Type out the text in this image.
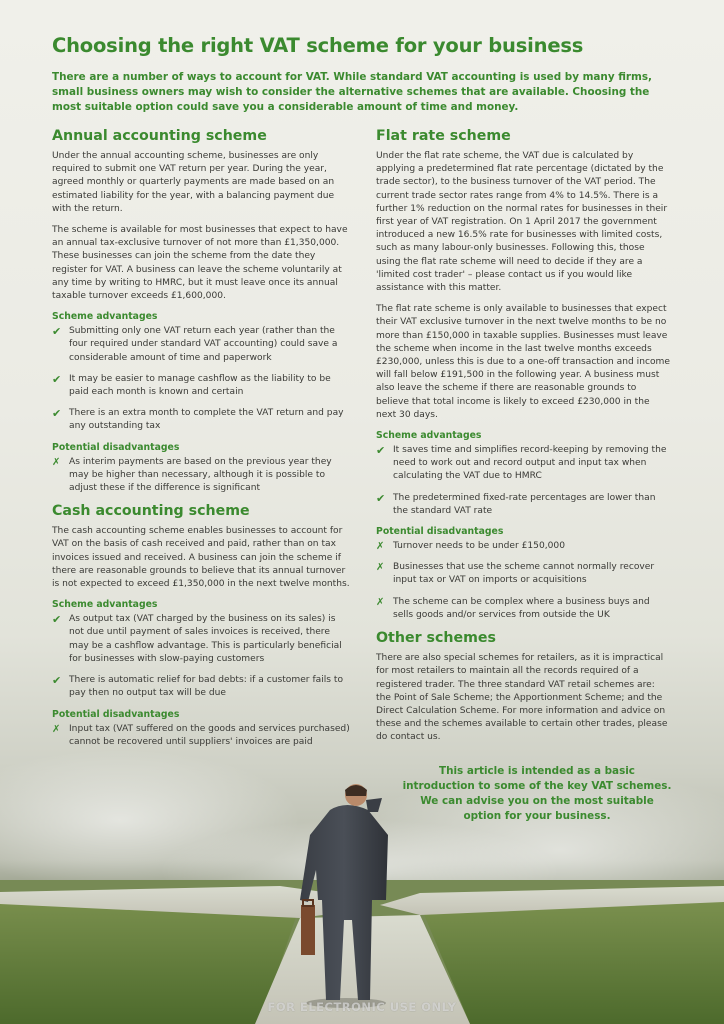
Choosing the right VAT scheme for your business

There are a number of ways to account for VAT. While standard VAT accounting is used by many firms, small business owners may wish to consider the alternative schemes that are available. Choosing the most suitable option could save you a considerable amount of time and money.

Annual accounting scheme

Under the annual accounting scheme, businesses are only required to submit one VAT return per year. During the year, agreed monthly or quarterly payments are made based on an estimated liability for the year, with a balancing payment due with the return.

The scheme is available for most businesses that expect to have an annual tax-exclusive turnover of not more than £1,350,000. These businesses can join the scheme from the date they register for VAT. A business can leave the scheme voluntarily at any time by writing to HMRC, but it must leave once its annual taxable turnover exceeds £1,600,000.

Scheme advantages
✔ Submitting only one VAT return each year (rather than the four required under standard VAT accounting) could save a considerable amount of time and paperwork
✔ It may be easier to manage cashflow as the liability to be paid each month is known and certain
✔ There is an extra month to complete the VAT return and pay any outstanding tax
Potential disadvantages
✗ As interim payments are based on the previous year they may be higher than necessary, although it is possible to adjust these if the difference is significant
Cash accounting scheme

The cash accounting scheme enables businesses to account for VAT on the basis of cash received and paid, rather than on tax invoices issued and received. A business can join the scheme if there are reasonable grounds to believe that its annual turnover is not expected to exceed £1,350,000 in the next twelve months.

Scheme advantages
✔ As output tax (VAT charged by the business on its sales) is not due until payment of sales invoices is received, there may be a cashflow advantage. This is particularly beneficial for businesses with slow-paying customers
✔ There is automatic relief for bad debts: if a customer fails to pay then no output tax will be due
Potential disadvantages
✗ Input tax (VAT suffered on the goods and services purchased) cannot be recovered until suppliers' invoices are paid
Flat rate scheme

Under the flat rate scheme, the VAT due is calculated by applying a predetermined flat rate percentage (dictated by the trade sector), to the business turnover of the VAT period. The current trade sector rates range from 4% to 14.5%. There is a further 1% reduction on the normal rates for businesses in their first year of VAT registration. On 1 April 2017 the government introduced a new 16.5% rate for businesses with limited costs, such as many labour-only businesses. Following this, those using the flat rate scheme will need to decide if they are a 'limited cost trader' – please contact us if you would like assistance with this matter.

The flat rate scheme is only available to businesses that expect their VAT exclusive turnover in the next twelve months to be no more than £150,000 in taxable supplies. Businesses must leave the scheme when income in the last twelve months exceeds £230,000, unless this is due to a one-off transaction and income will fall below £191,500 in the following year. A business must also leave the scheme if there are reasonable grounds to believe that total income is likely to exceed £230,000 in the next 30 days.

Scheme advantages
✔ It saves time and simplifies record-keeping by removing the need to work out and record output and input tax when calculating the VAT due to HMRC
✔ The predetermined fixed-rate percentages are lower than the standard VAT rate
Potential disadvantages
✗ Turnover needs to be under £150,000
✗ Businesses that use the scheme cannot normally recover input tax or VAT on imports or acquisitions
✗ The scheme can be complex where a business buys and sells goods and/or services from outside the UK
Other schemes

There are also special schemes for retailers, as it is impractical for most retailers to maintain all the records required of a registered trader. The three standard VAT retail schemes are: the Point of Sale Scheme; the Apportionment Scheme; and the Direct Calculation Scheme. For more information and advice on these and the schemes available to certain other trades, please do contact us.

This article is intended as a basic introduction to some of the key VAT schemes. We can advise you on the most suitable option for your business.
FOR ELECTRONIC USE ONLY
